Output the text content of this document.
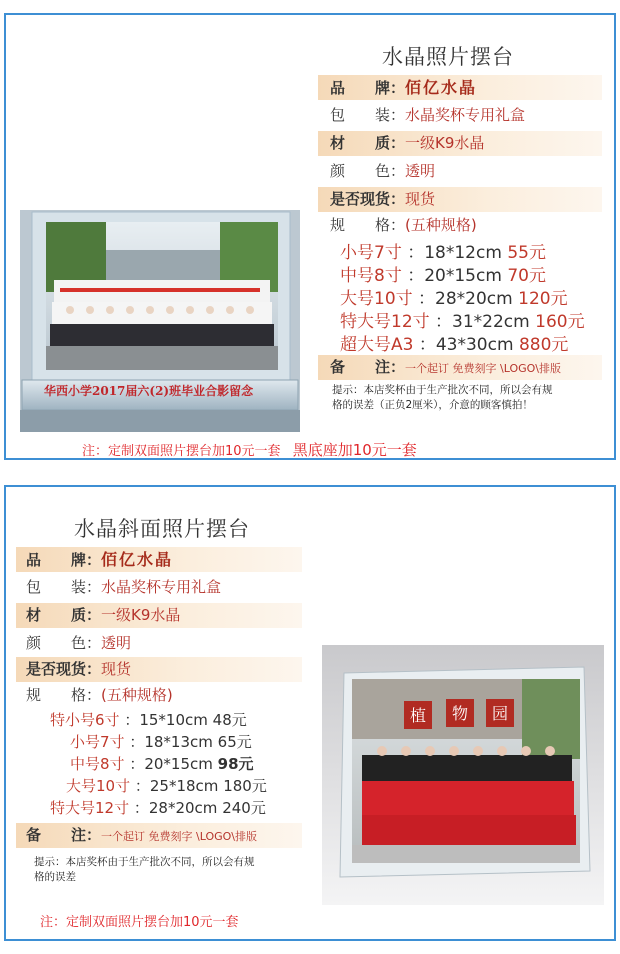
水晶照片摆台
品　　牌：佰亿水晶
包　　装：水晶奖杯专用礼盒
材　　质：一级K9水晶
颜　　色：透明
是否现货：现货
规　　格：(五种规格)
小号7寸 ：18*12cm 55元
中号8寸 ：20*15cm 70元
大号10寸 ：28*20cm 120元
特大号12寸 ：31*22cm 160元
超大号A3 ：43*30cm 880元
备　　注：一个起订 免费刻字 \LOGO\排版
提示：本店奖杯由于生产批次不同，所以会有规格的误差（正负2厘米），介意的顾客慎拍！
华西小学2017届六(2)班毕业合影留念
注：定制双面照片摆台加10元一套 黑底座加10元一套
水晶斜面照片摆台
品　　牌：佰亿水晶
包　　装：水晶奖杯专用礼盒
材　　质：一级K9水晶
颜　　色：透明
是否现货：现货
规　　格：(五种规格)
特小号6寸 ：15*10cm 48元
小号7寸 ：18*13cm 65元
中号8寸 ：20*15cm 98元
大号10寸 ：25*18cm 180元
特大号12寸 ：28*20cm 240元
备　　注：一个起订 免费刻字 \LOGO\排版
提示：本店奖杯由于生产批次不同，所以会有规格的误差
植 物 园
注：定制双面照片摆台加10元一套
